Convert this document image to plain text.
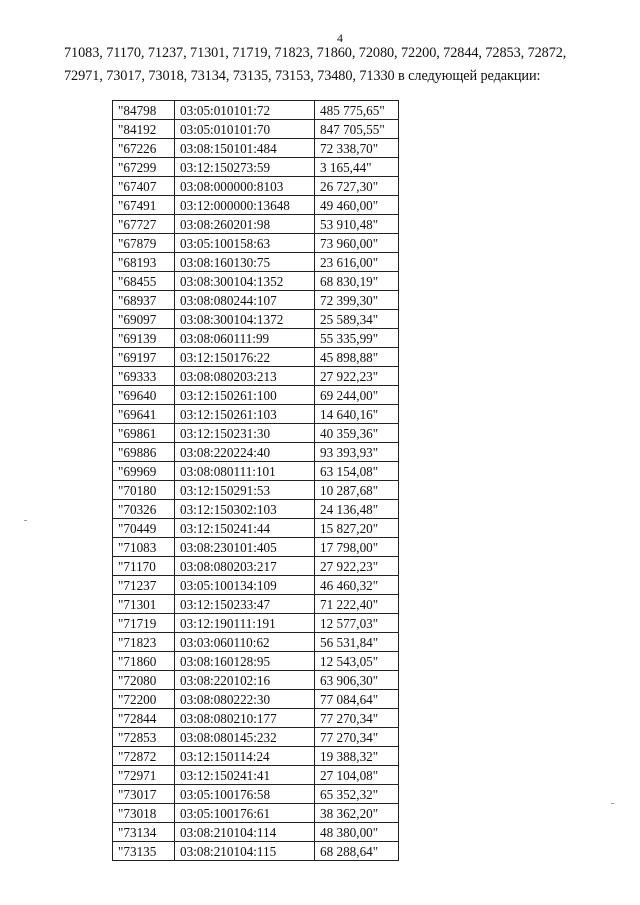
4
71083, 71170, 71237, 71301, 71719, 71823, 71860, 72080, 72200, 72844, 72853, 72872,
72971, 73017, 73018, 73134, 73135, 73153, 73480, 71330 в следующей редакции:
"84798	03:05:010101:72	485 775,65"
"84192	03:05:010101:70	847 705,55"
"67226	03:08:150101:484	72 338,70"
"67299	03:12:150273:59	3 165,44"
"67407	03:08:000000:8103	26 727,30"
"67491	03:12:000000:13648	49 460,00"
"67727	03:08:260201:98	53 910,48"
"67879	03:05:100158:63	73 960,00"
"68193	03:08:160130:75	23 616,00"
"68455	03:08:300104:1352	68 830,19"
"68937	03:08:080244:107	72 399,30"
"69097	03:08:300104:1372	25 589,34"
"69139	03:08:060111:99	55 335,99"
"69197	03:12:150176:22	45 898,88"
"69333	03:08:080203:213	27 922,23"
"69640	03:12:150261:100	69 244,00"
"69641	03:12:150261:103	14 640,16"
"69861	03:12:150231:30	40 359,36"
"69886	03:08:220224:40	93 393,93"
"69969	03:08:080111:101	63 154,08"
"70180	03:12:150291:53	10 287,68"
"70326	03:12:150302:103	24 136,48"
"70449	03:12:150241:44	15 827,20"
"71083	03:08:230101:405	17 798,00"
"71170	03:08:080203:217	27 922,23"
"71237	03:05:100134:109	46 460,32"
"71301	03:12:150233:47	71 222,40"
"71719	03:12:190111:191	12 577,03"
"71823	03:03:060110:62	56 531,84"
"71860	03:08:160128:95	12 543,05"
"72080	03:08:220102:16	63 906,30"
"72200	03:08:080222:30	77 084,64"
"72844	03:08:080210:177	77 270,34"
"72853	03:08:080145:232	77 270,34"
"72872	03:12:150114:24	19 388,32"
"72971	03:12:150241:41	27 104,08"
"73017	03:05:100176:58	65 352,32"
"73018	03:05:100176:61	38 362,20"
"73134	03:08:210104:114	48 380,00"
"73135	03:08:210104:115	68 288,64"
